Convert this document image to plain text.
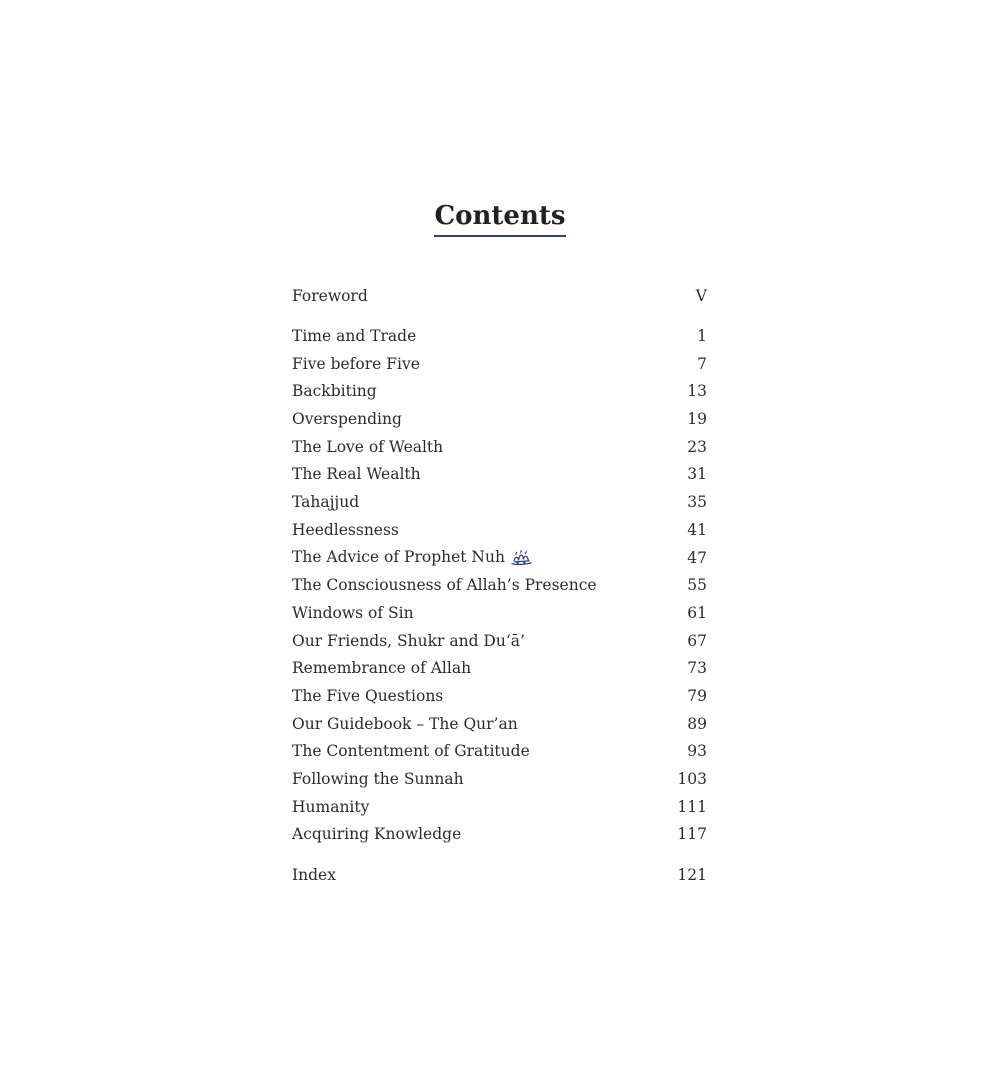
Contents
Foreword	V
Time and Trade	1
Five before Five	7
Backbiting	13
Overspending	19
The Love of Wealth	23
The Real Wealth	31
Tahajjud	35
Heedlessness	41
The Advice of Prophet Nuh	47
The Consciousness of Allah’s Presence	55
Windows of Sin	61
Our Friends, Shukr and Du‘ā’	67
Remembrance of Allah	73
The Five Questions	79
Our Guidebook – The Qur’an	89
The Contentment of Gratitude	93
Following the Sunnah	103
Humanity	111
Acquiring Knowledge	117
Index	121
